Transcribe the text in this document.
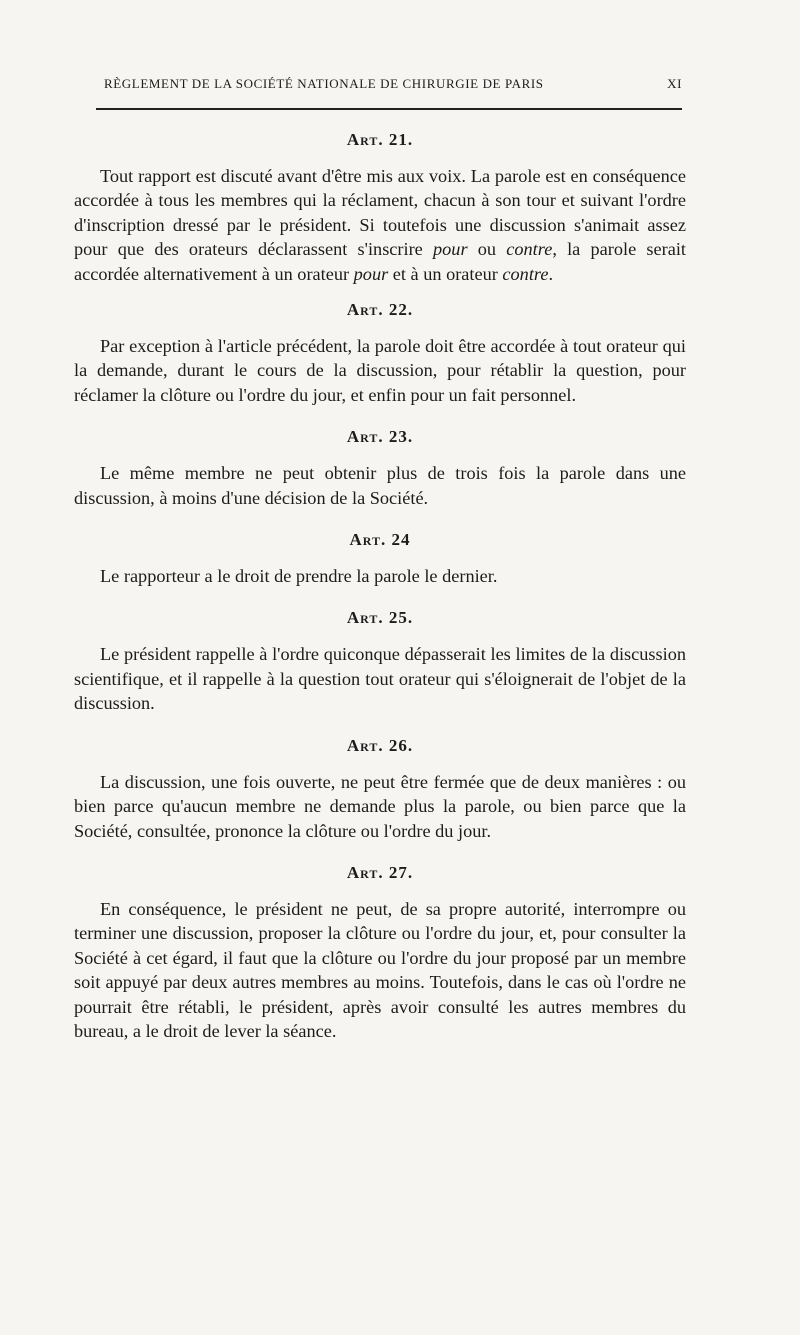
RÈGLEMENT DE LA SOCIÉTÉ NATIONALE DE CHIRURGIE DE PARIS	XI
Art. 21.

Tout rapport est discuté avant d'être mis aux voix. La parole est en conséquence accordée à tous les membres qui la réclament, chacun à son tour et suivant l'ordre d'inscription dressé par le président. Si toutefois une discussion s'animait assez pour que des orateurs déclarassent s'inscrire pour ou contre, la parole serait accordée alternativement à un orateur pour et à un orateur contre.

Art. 22.

Par exception à l'article précédent, la parole doit être accordée à tout orateur qui la demande, durant le cours de la discussion, pour rétablir la question, pour réclamer la clôture ou l'ordre du jour, et enfin pour un fait personnel.

Art. 23.

Le même membre ne peut obtenir plus de trois fois la parole dans une discussion, à moins d'une décision de la Société.

Art. 24

Le rapporteur a le droit de prendre la parole le dernier.

Art. 25.

Le président rappelle à l'ordre quiconque dépasserait les limites de la discussion scientifique, et il rappelle à la question tout orateur qui s'éloignerait de l'objet de la discussion.

Art. 26.

La discussion, une fois ouverte, ne peut être fermée que de deux manières : ou bien parce qu'aucun membre ne demande plus la parole, ou bien parce que la Société, consultée, prononce la clôture ou l'ordre du jour.

Art. 27.

En conséquence, le président ne peut, de sa propre autorité, interrompre ou terminer une discussion, proposer la clôture ou l'ordre du jour, et, pour consulter la Société à cet égard, il faut que la clôture ou l'ordre du jour proposé par un membre soit appuyé par deux autres membres au moins. Toutefois, dans le cas où l'ordre ne pourrait être rétabli, le président, après avoir consulté les autres membres du bureau, a le droit de lever la séance.
